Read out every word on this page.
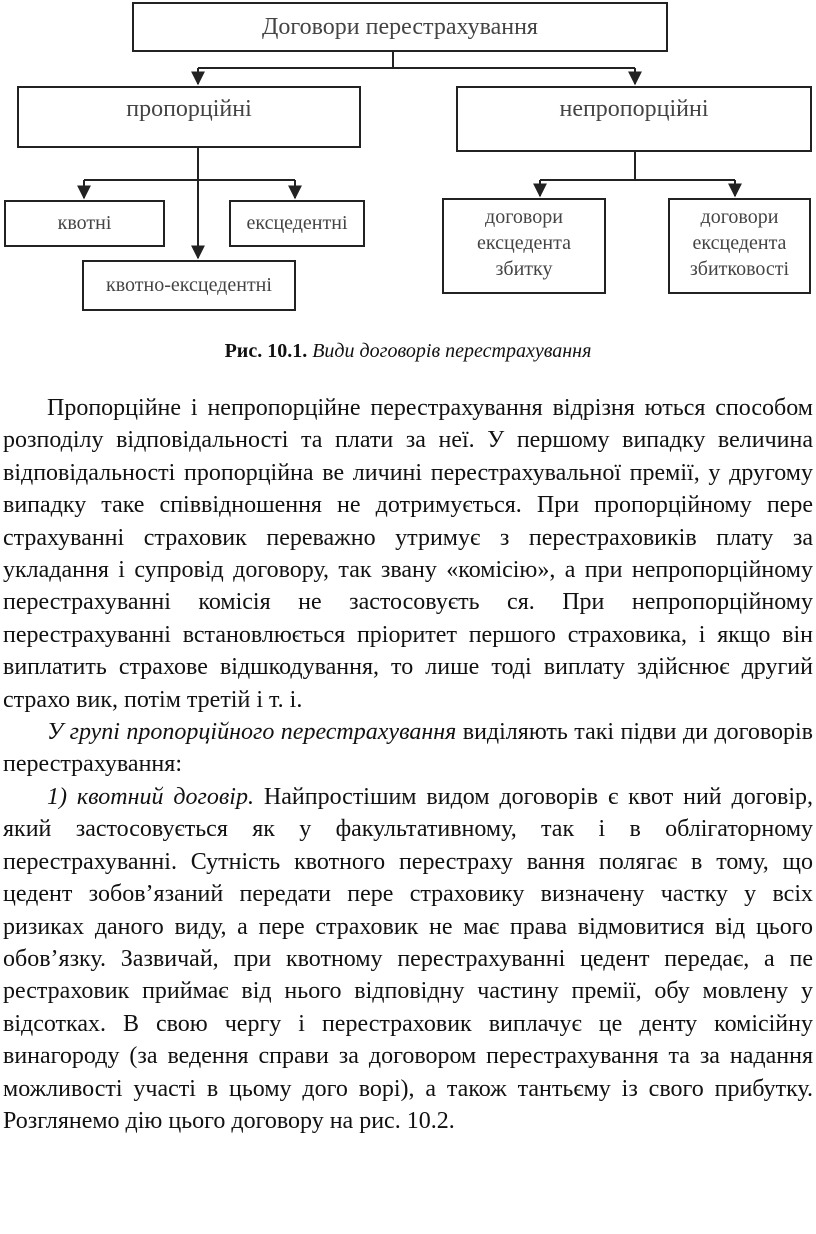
Договори перестрахування
пропорційні	непропорційні
квотні	ексцедентні
квотно-ексцедентні
договори
ексцедента
збитку
договори
ексцедента
збитковості
Рис. 10.1. Види договорів перестрахування

Пропорційне і непропорційне перестрахування відрізня ються способом розподілу відповідальності та плати за неї. У першому випадку величина відповідальності пропорційна ве личині перестрахувальної премії, у другому випадку таке співвідношення не дотримується. При пропорційному пере страхуванні страховик переважно утримує з перестраховиків плату за укладання і супровід договору, так звану «комісію», а при непропорційному перестрахуванні комісія не застосовуєть ся. При непропорційному перестрахуванні встановлюється пріоритет першого страховика, і якщо він виплатить страхове відшкодування, то лише тоді виплату здійснює другий страхо вик, потім третій і т. і.

У групі пропорційного перестрахування виділяють такі підви ди договорів перестрахування:

1) квотний договір. Найпростішим видом договорів є квот ний договір, який застосовується як у факультативному, так і в облігаторному перестрахуванні. Сутність квотного перестраху вання полягає в тому, що цедент зобов’язаний передати пере страховику визначену частку у всіх ризиках даного виду, а пере страховик не має права відмовитися від цього обов’язку. Зазвичай, при квотному перестрахуванні цедент передає, а пе рестраховик приймає від нього відповідну частину премії, обу мовлену у відсотках. В свою чергу і перестраховик виплачує це денту комісійну винагороду (за ведення справи за договором перестрахування та за надання можливості участі в цьому дого ворі), а також тантьєму із свого прибутку. Розглянемо дію цього договору на рис. 10.2.
